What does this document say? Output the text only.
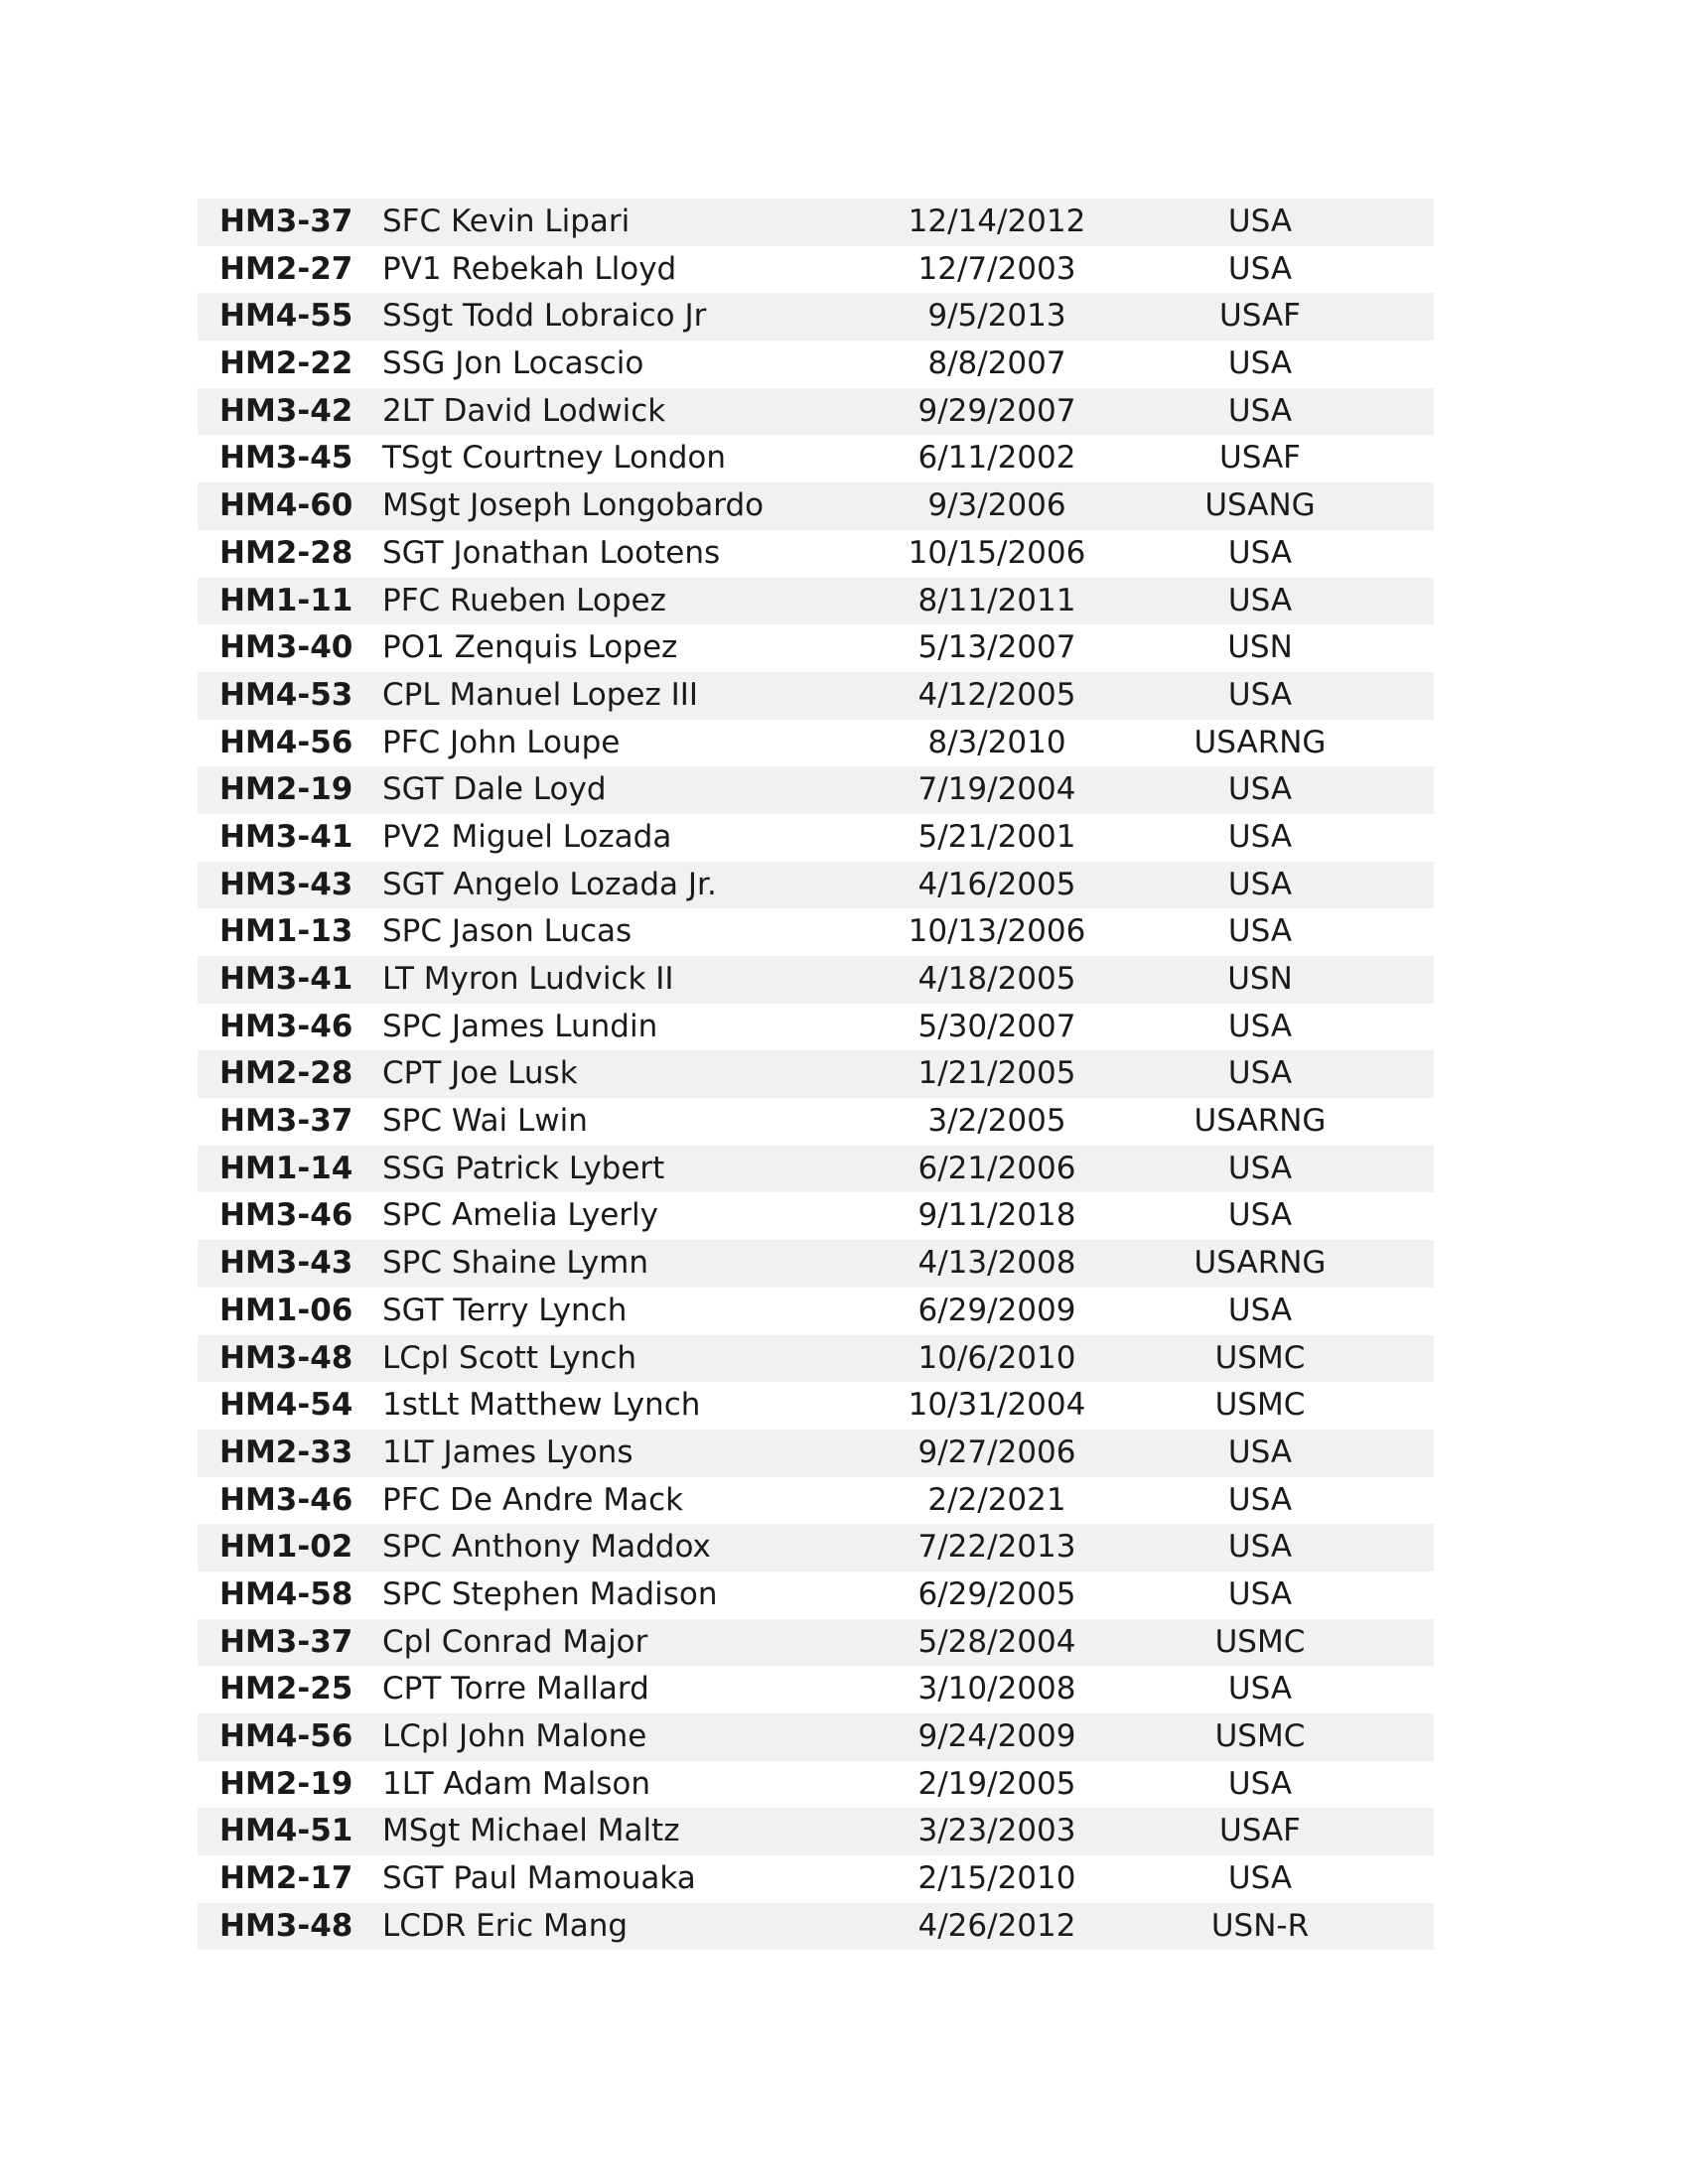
HM3-37 SFC Kevin Lipari	12/14/2012	USA
HM2-27 PV1 Rebekah Lloyd	12/7/2003	USA
HM4-55 SSgt Todd Lobraico Jr	9/5/2013	USAF
HM2-22 SSG Jon Locascio	8/8/2007	USA
HM3-42 2LT David Lodwick	9/29/2007	USA
HM3-45 TSgt Courtney London	6/11/2002	USAF
HM4-60 MSgt Joseph Longobardo	9/3/2006	USANG
HM2-28 SGT Jonathan Lootens	10/15/2006	USA
HM1-11 PFC Rueben Lopez	8/11/2011	USA
HM3-40 PO1 Zenquis Lopez	5/13/2007	USN
HM4-53 CPL Manuel Lopez III	4/12/2005	USA
HM4-56 PFC John Loupe	8/3/2010	USARNG
HM2-19 SGT Dale Loyd	7/19/2004	USA
HM3-41 PV2 Miguel Lozada	5/21/2001	USA
HM3-43 SGT Angelo Lozada Jr.	4/16/2005	USA
HM1-13 SPC Jason Lucas	10/13/2006	USA
HM3-41 LT Myron Ludvick II	4/18/2005	USN
HM3-46 SPC James Lundin	5/30/2007	USA
HM2-28 CPT Joe Lusk	1/21/2005	USA
HM3-37 SPC Wai Lwin	3/2/2005	USARNG
HM1-14 SSG Patrick Lybert	6/21/2006	USA
HM3-46 SPC Amelia Lyerly	9/11/2018	USA
HM3-43 SPC Shaine Lymn	4/13/2008	USARNG
HM1-06 SGT Terry Lynch	6/29/2009	USA
HM3-48 LCpl Scott Lynch	10/6/2010	USMC
HM4-54 1stLt Matthew Lynch	10/31/2004	USMC
HM2-33 1LT James Lyons	9/27/2006	USA
HM3-46 PFC De Andre Mack	2/2/2021	USA
HM1-02 SPC Anthony Maddox	7/22/2013	USA
HM4-58 SPC Stephen Madison	6/29/2005	USA
HM3-37 Cpl Conrad Major	5/28/2004	USMC
HM2-25 CPT Torre Mallard	3/10/2008	USA
HM4-56 LCpl John Malone	9/24/2009	USMC
HM2-19 1LT Adam Malson	2/19/2005	USA
HM4-51 MSgt Michael Maltz	3/23/2003	USAF
HM2-17 SGT Paul Mamouaka	2/15/2010	USA
HM3-48 LCDR Eric Mang	4/26/2012	USN-R
